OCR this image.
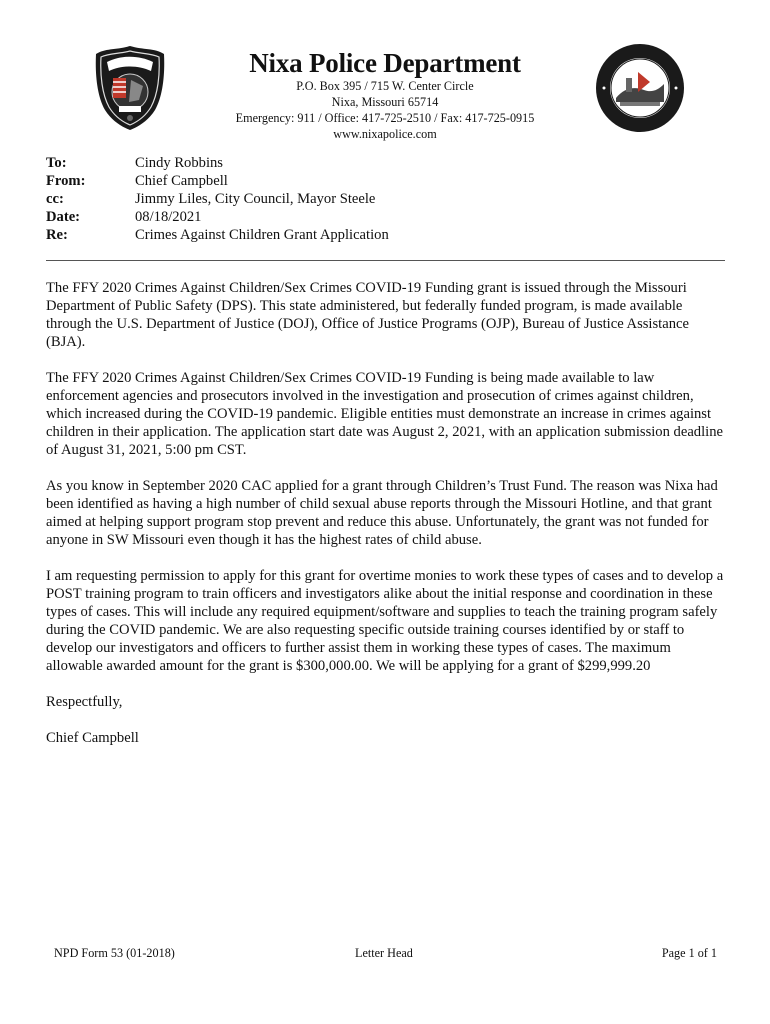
Nixa Police Department
P.O. Box 395 / 715 W. Center Circle
Nixa, Missouri 65714
Emergency: 911 / Office: 417-725-2510 / Fax: 417-725-0915
www.nixapolice.com
To:	Cindy Robbins
From:	Chief Campbell
cc:	Jimmy Liles, City Council, Mayor Steele
Date:	08/18/2021
Re:	Crimes Against Children Grant Application

The FFY 2020 Crimes Against Children/Sex Crimes COVID-19 Funding grant is issued through the Missouri Department of Public Safety (DPS). This state administered, but federally funded program, is made available through the U.S. Department of Justice (DOJ), Office of Justice Programs (OJP), Bureau of Justice Assistance (BJA).

The FFY 2020 Crimes Against Children/Sex Crimes COVID-19 Funding is being made available to law enforcement agencies and prosecutors involved in the investigation and prosecution of crimes against children, which increased during the COVID-19 pandemic. Eligible entities must demonstrate an increase in crimes against children in their application. The application start date was August 2, 2021, with an application submission deadline of August 31, 2021, 5:00 pm CST.

As you know in September 2020 CAC applied for a grant through Children’s Trust Fund. The reason was Nixa had been identified as having a high number of child sexual abuse reports through the Missouri Hotline, and that grant aimed at helping support program stop prevent and reduce this abuse. Unfortunately, the grant was not funded for anyone in SW Missouri even though it has the highest rates of child abuse.

I am requesting permission to apply for this grant for overtime monies to work these types of cases and to develop a POST training program to train officers and investigators alike about the initial response and coordination in these types of cases. This will include any required equipment/software and supplies to teach the training program safely during the COVID pandemic. We are also requesting specific outside training courses identified by or staff to develop our investigators and officers to further assist them in working these types of cases. The maximum allowable awarded amount for the grant is $300,000.00. We will be applying for a grant of $299,999.20

Respectfully,

Chief Campbell

NPD Form 53 (01-2018)	Letter Head	Page 1 of 1
